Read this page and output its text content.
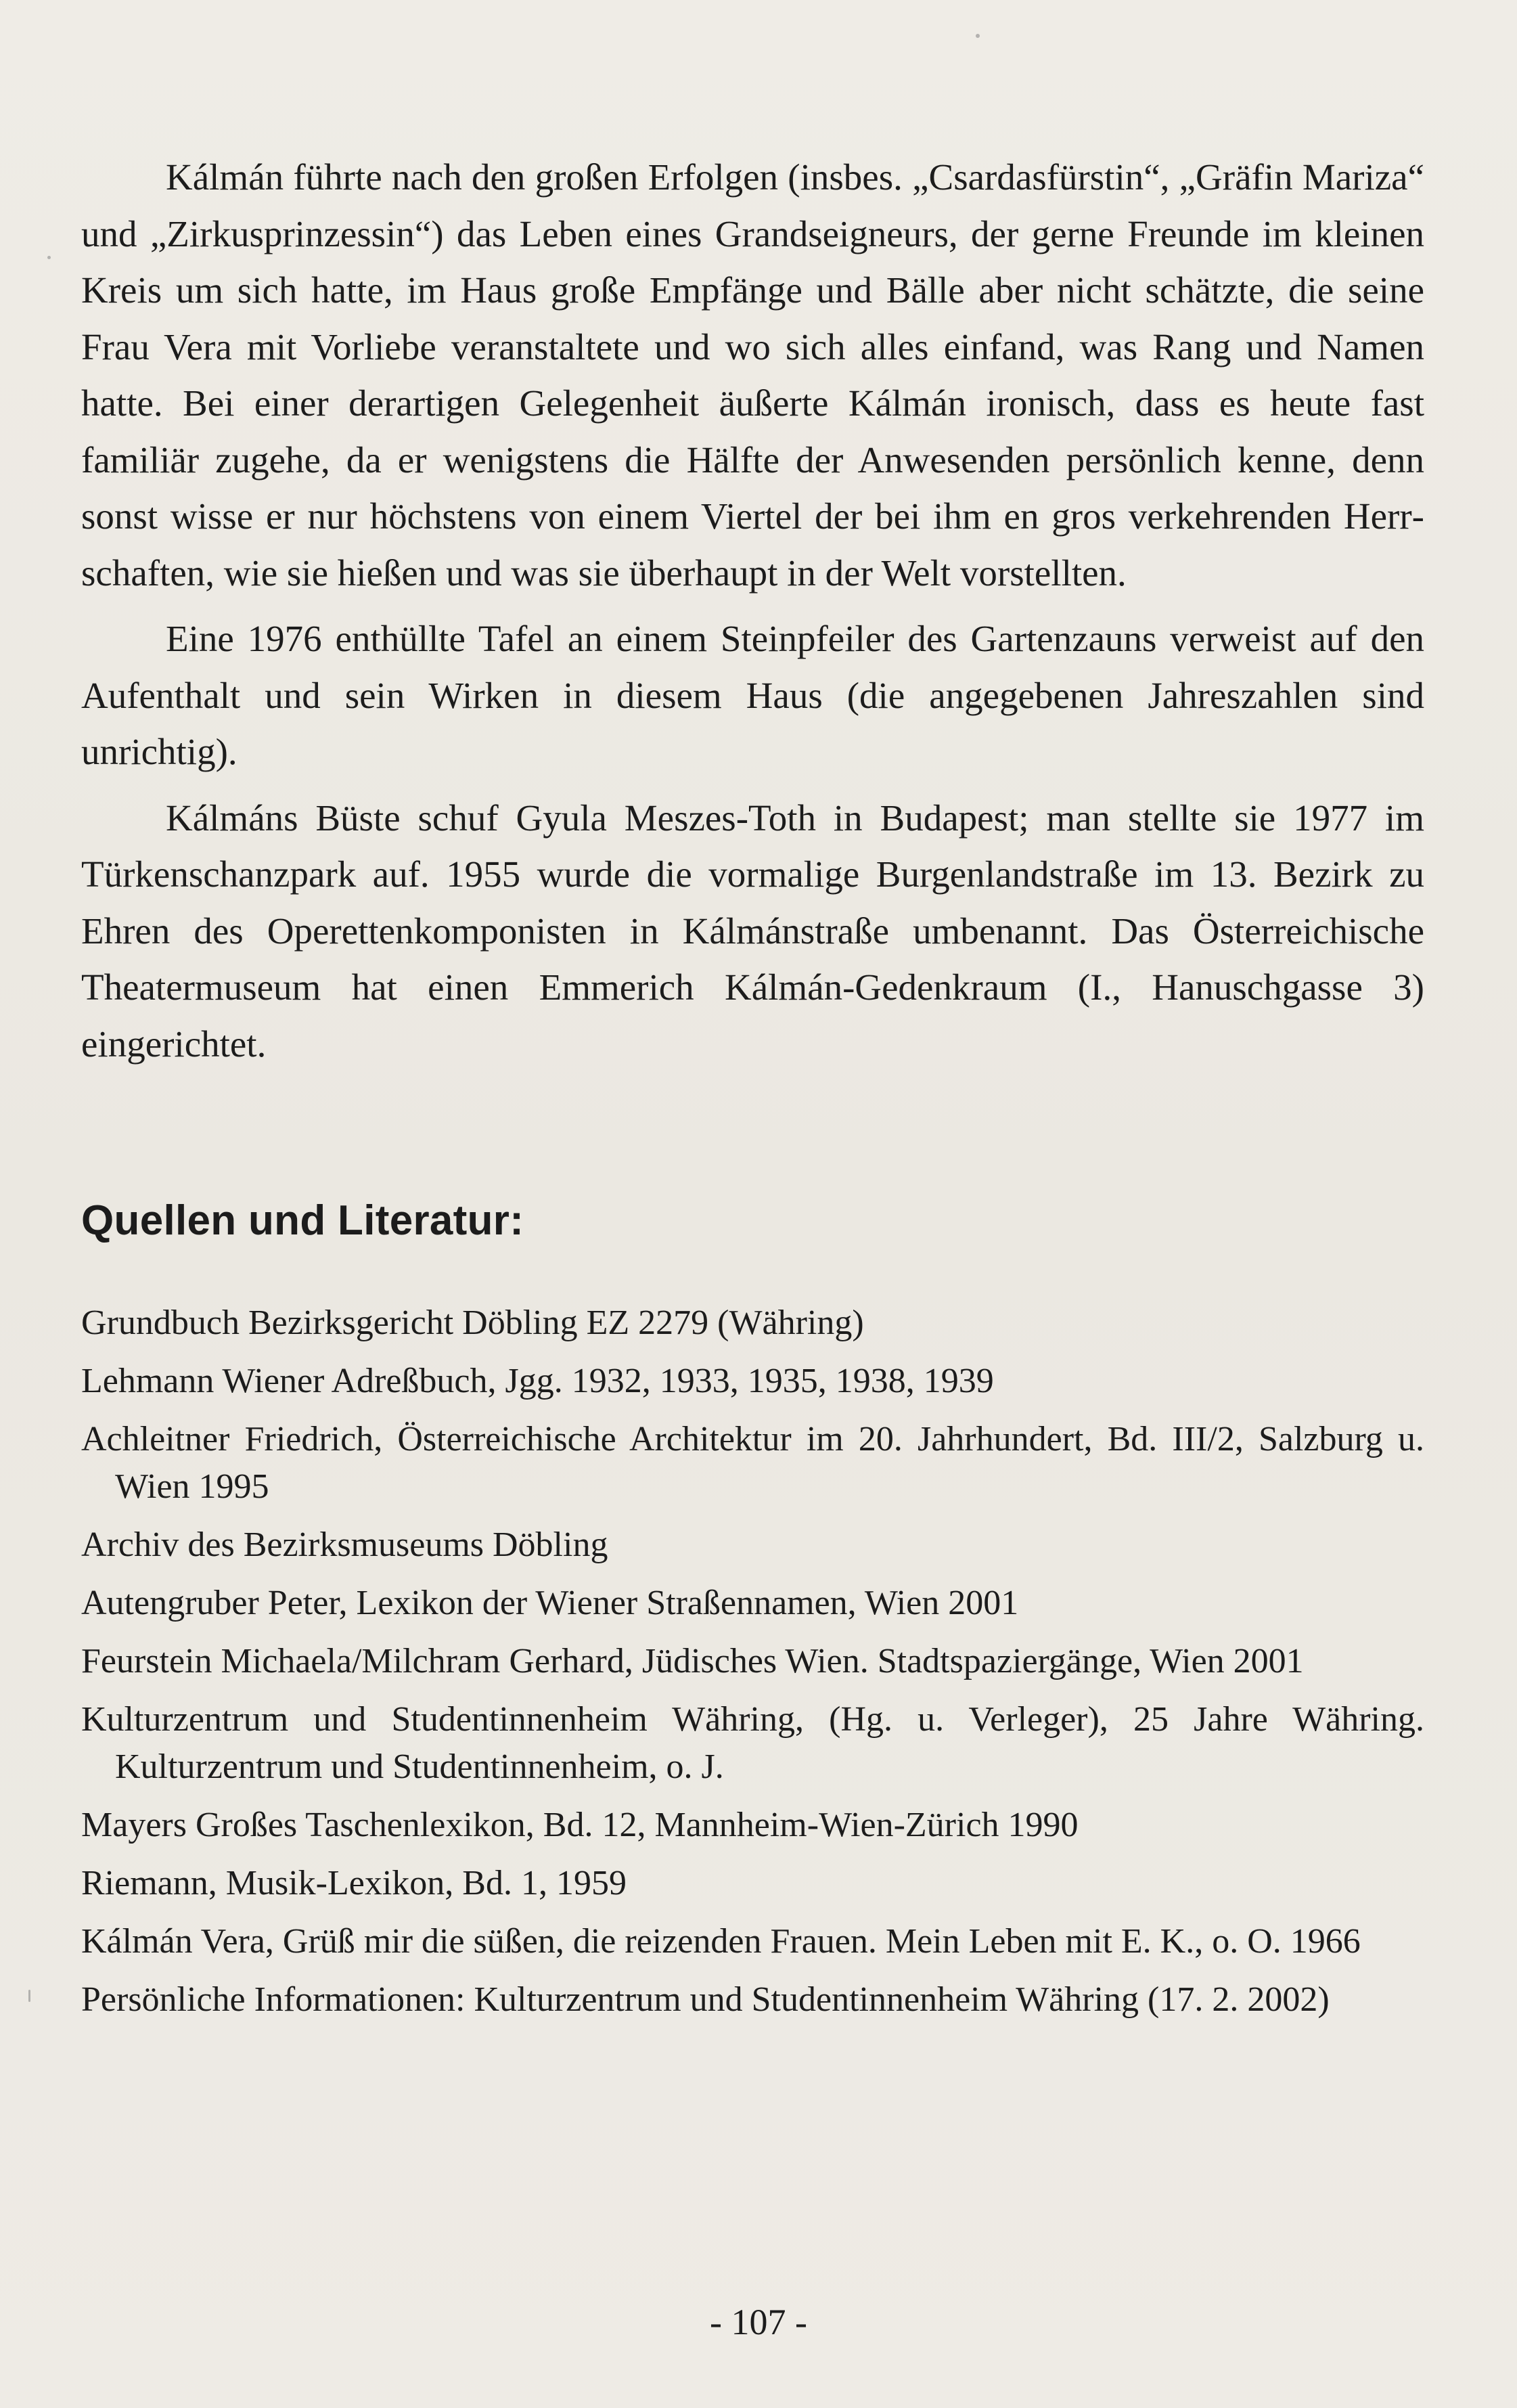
Kálmán führte nach den großen Erfolgen (insbes. „Csardasfürstin“, „Gräfin Mariza“ und „Zirkusprinzessin“) das Leben eines Grandseigneurs, der gerne Freunde im kleinen Kreis um sich hatte, im Haus große Empfänge und Bälle aber nicht schätzte, die seine Frau Vera mit Vorliebe veranstaltete und wo sich alles einfand, was Rang und Namen hatte. Bei einer derartigen Gelegenheit äußerte Kálmán ironisch, dass es heute fast familiär zugehe, da er wenigstens die Hälfte der Anwesenden persönlich kenne, denn sonst wisse er nur höchstens von einem Viertel der bei ihm en gros verkehrenden Herrschaften, wie sie hießen und was sie überhaupt in der Welt vorstellten.

Eine 1976 enthüllte Tafel an einem Steinpfeiler des Gartenzauns verweist auf den Aufenthalt und sein Wirken in diesem Haus (die angegebenen Jahreszahlen sind unrichtig).

Kálmáns Büste schuf Gyula Meszes-Toth in Budapest; man stellte sie 1977 im Türkenschanzpark auf. 1955 wurde die vormalige Burgenlandstraße im 13. Bezirk zu Ehren des Operettenkomponisten in Kálmánstraße umbenannt. Das Österreichische Theatermuseum hat einen Emmerich Kálmán-Gedenkraum (I., Hanuschgasse 3) eingerichtet.

Quellen und Literatur:

Grundbuch Bezirksgericht Döbling EZ 2279 (Währing)

Lehmann Wiener Adreßbuch, Jgg. 1932, 1933, 1935, 1938, 1939

Achleitner Friedrich, Österreichische Architektur im 20. Jahrhundert, Bd. III/2, Salzburg u. Wien 1995

Archiv des Bezirksmuseums Döbling

Autengruber Peter, Lexikon der Wiener Straßennamen, Wien 2001

Feurstein Michaela/Milchram Gerhard, Jüdisches Wien. Stadtspaziergänge, Wien 2001

Kulturzentrum und Studentinnenheim Währing, (Hg. u. Verleger), 25 Jahre Währing. Kulturzentrum und Studentinnenheim, o. J.

Mayers Großes Taschenlexikon, Bd. 12, Mannheim-Wien-Zürich 1990

Riemann, Musik-Lexikon, Bd. 1, 1959

Kálmán Vera, Grüß mir die süßen, die reizenden Frauen. Mein Leben mit E. K., o. O. 1966

Persönliche Informationen: Kulturzentrum und Studentinnenheim Währing (17. 2. 2002)

- 107 -
